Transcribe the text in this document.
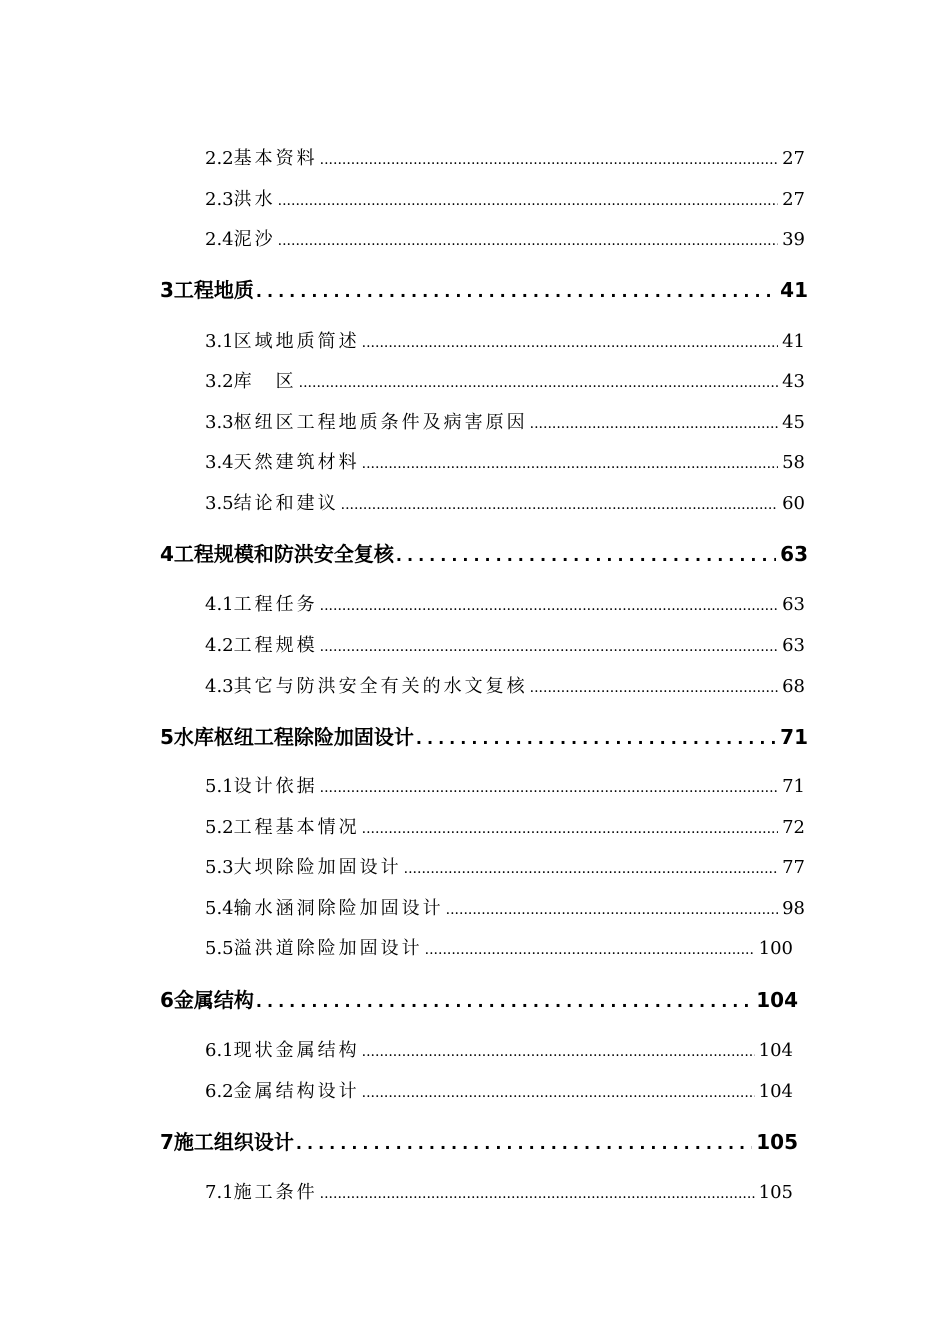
2.2 基本资料 .....	27
2.3 洪水 .....	27
2.4 泥沙 .....	39
3 工程地质 .....	41
3.1 区域地质简述 .....	41
3.2 库　区 .....	43
3.3 枢纽区工程地质条件及病害原因 .....	45
3.4 天然建筑材料 .....	58
3.5 结论和建议 .....	60
4 工程规模和防洪安全复核 .....	63
4.1 工程任务 .....	63
4.2 工程规模 .....	63
4.3 其它与防洪安全有关的水文复核 .....	68
5 水库枢纽工程除险加固设计 .....	71
5.1 设计依据 .....	71
5.2 工程基本情况 .....	72
5.3 大坝除险加固设计 .....	77
5.4 输水涵洞除险加固设计 .....	98
5.5 溢洪道除险加固设计 .....	100
6 金属结构 .....	104
6.1 现状金属结构 .....	104
6.2 金属结构设计 .....	104
7 施工组织设计 .....	105
7.1 施工条件 .....	105
